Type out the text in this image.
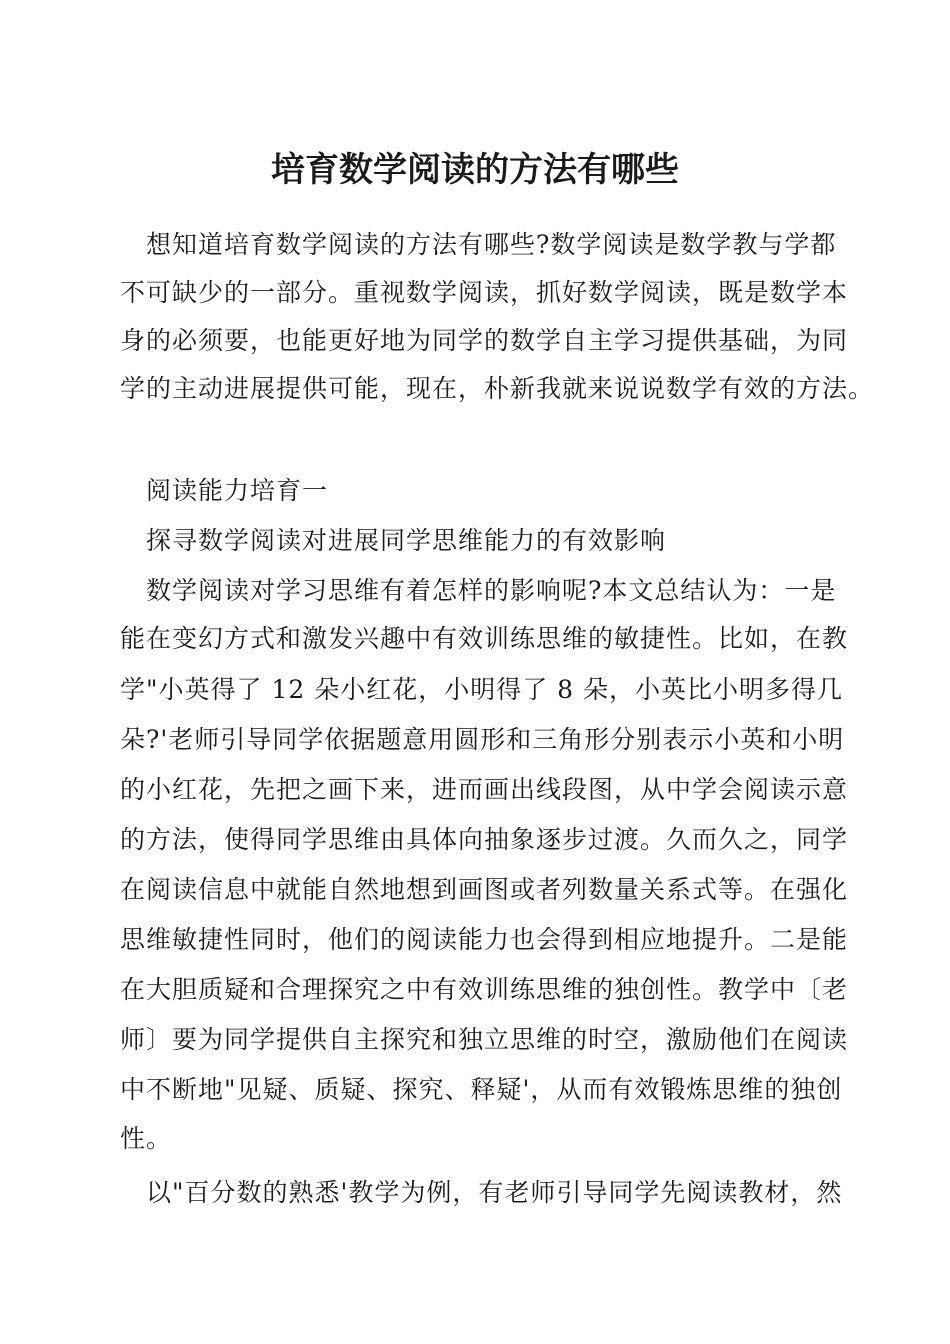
培育数学阅读的方法有哪些
想知道培育数学阅读的方法有哪些?数学阅读是数学教与学都
不可缺少的一部分。重视数学阅读，抓好数学阅读，既是数学本
身的必须要，也能更好地为同学的数学自主学习提供基础，为同
学的主动进展提供可能，现在，朴新我就来说说数学有效的方法。
阅读能力培育一
探寻数学阅读对进展同学思维能力的有效影响
数学阅读对学习思维有着怎样的影响呢?本文总结认为：一是
能在变幻方式和激发兴趣中有效训练思维的敏捷性。比如，在教
学"小英得了 12 朵小红花，小明得了 8 朵，小英比小明多得几
朵?'老师引导同学依据题意用圆形和三角形分别表示小英和小明
的小红花，先把之画下来，进而画出线段图，从中学会阅读示意
的方法，使得同学思维由具体向抽象逐步过渡。久而久之，同学
在阅读信息中就能自然地想到画图或者列数量关系式等。在强化
思维敏捷性同时，他们的阅读能力也会得到相应地提升。二是能
在大胆质疑和合理探究之中有效训练思维的独创性。教学中〔老
师〕要为同学提供自主探究和独立思维的时空，激励他们在阅读
中不断地"见疑、质疑、探究、释疑'，从而有效锻炼思维的独创
性。
以"百分数的熟悉'教学为例，有老师引导同学先阅读教材，然
